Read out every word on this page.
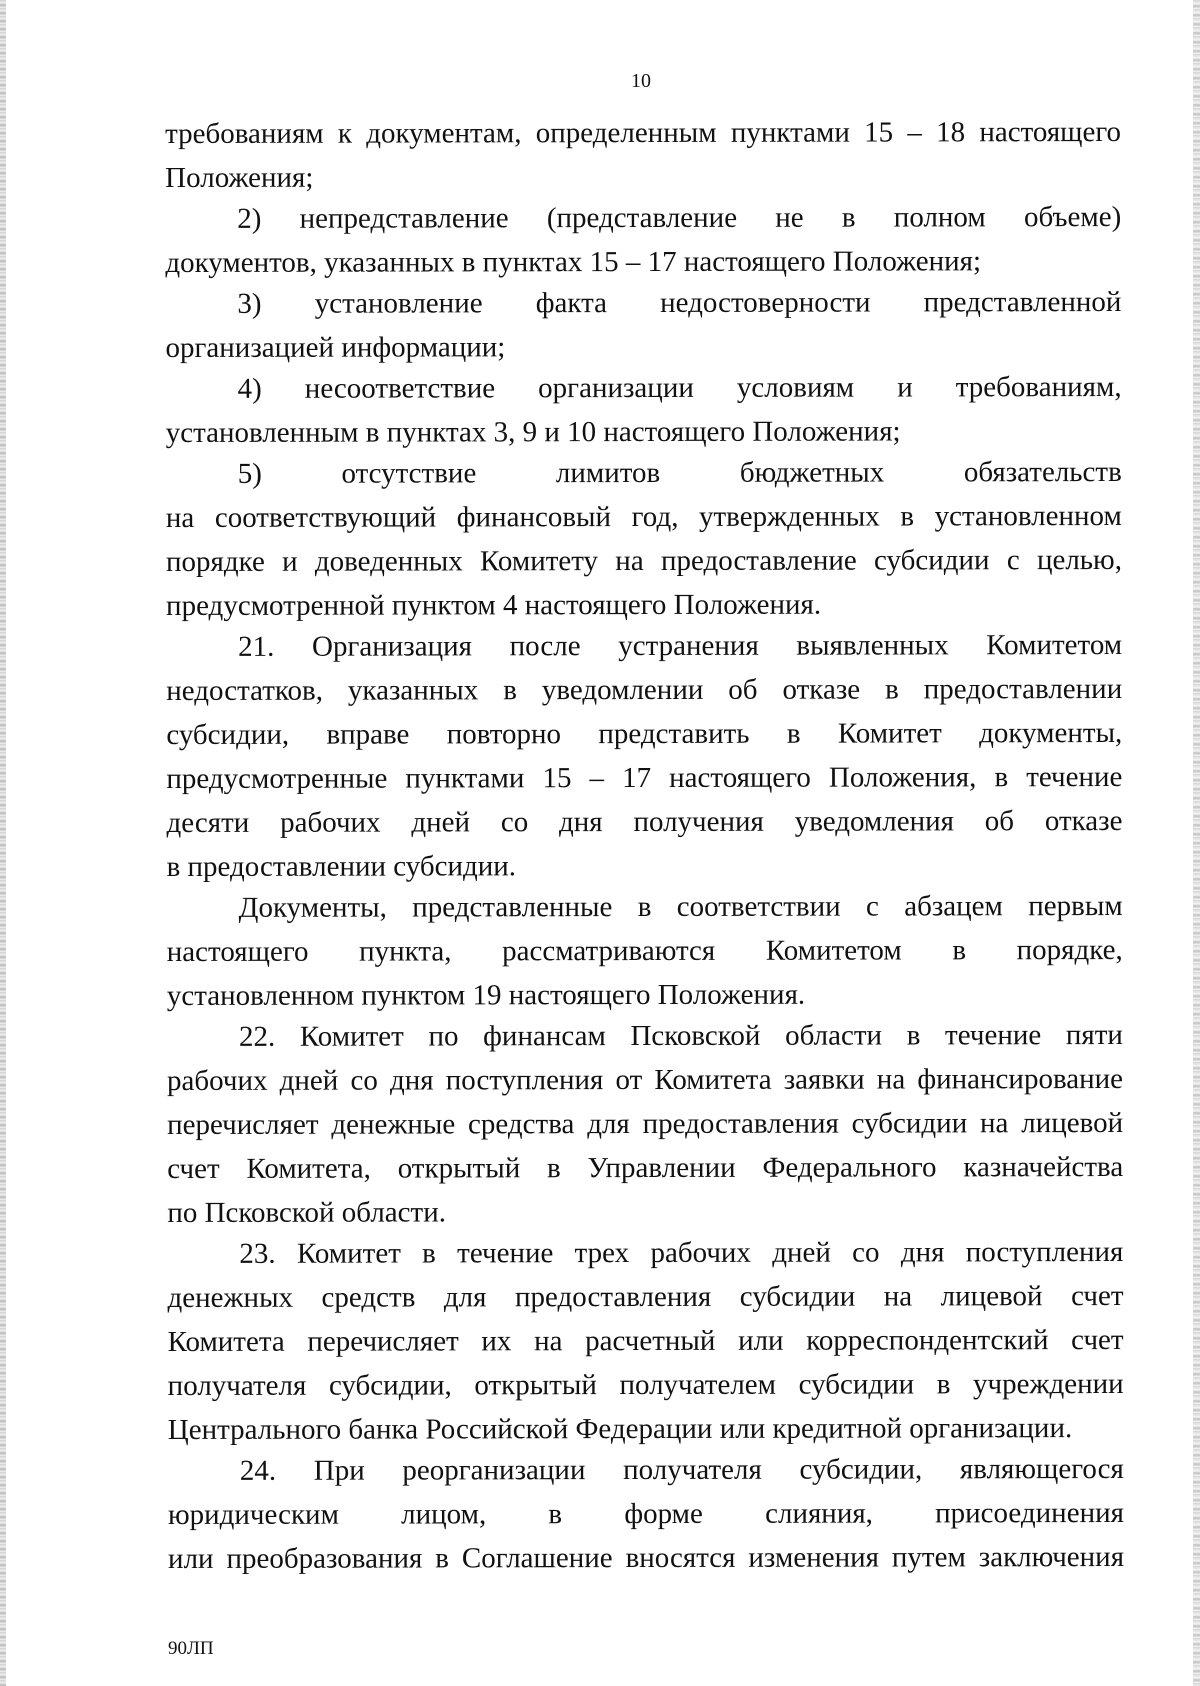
10
требованиям к документам, определенным пунктами 15 – 18 настоящего
Положения;
2) непредставление (представление не в полном объеме)
документов, указанных в пунктах 15 – 17 настоящего Положения;
3) установление факта недостоверности представленной
организацией информации;
4) несоответствие организации условиям и требованиям,
установленным в пунктах 3, 9 и 10 настоящего Положения;
5) отсутствие лимитов бюджетных обязательств
на соответствующий финансовый год, утвержденных в установленном
порядке и доведенных Комитету на предоставление субсидии с целью,
предусмотренной пунктом 4 настоящего Положения.
21. Организация после устранения выявленных Комитетом
недостатков, указанных в уведомлении об отказе в предоставлении
субсидии, вправе повторно представить в Комитет документы,
предусмотренные пунктами 15 – 17 настоящего Положения, в течение
десяти рабочих дней со дня получения уведомления об отказе
в предоставлении субсидии.
Документы, представленные в соответствии с абзацем первым
настоящего пункта, рассматриваются Комитетом в порядке,
установленном пунктом 19 настоящего Положения.
22. Комитет по финансам Псковской области в течение пяти
рабочих дней со дня поступления от Комитета заявки на финансирование
перечисляет денежные средства для предоставления субсидии на лицевой
счет Комитета, открытый в Управлении Федерального казначейства
по Псковской области.
23. Комитет в течение трех рабочих дней со дня поступления
денежных средств для предоставления субсидии на лицевой счет
Комитета перечисляет их на расчетный или корреспондентский счет
получателя субсидии, открытый получателем субсидии в учреждении
Центрального банка Российской Федерации или кредитной организации.
24. При реорганизации получателя субсидии, являющегося
юридическим лицом, в форме слияния, присоединения
или преобразования в Соглашение вносятся изменения путем заключения
90ЛП
